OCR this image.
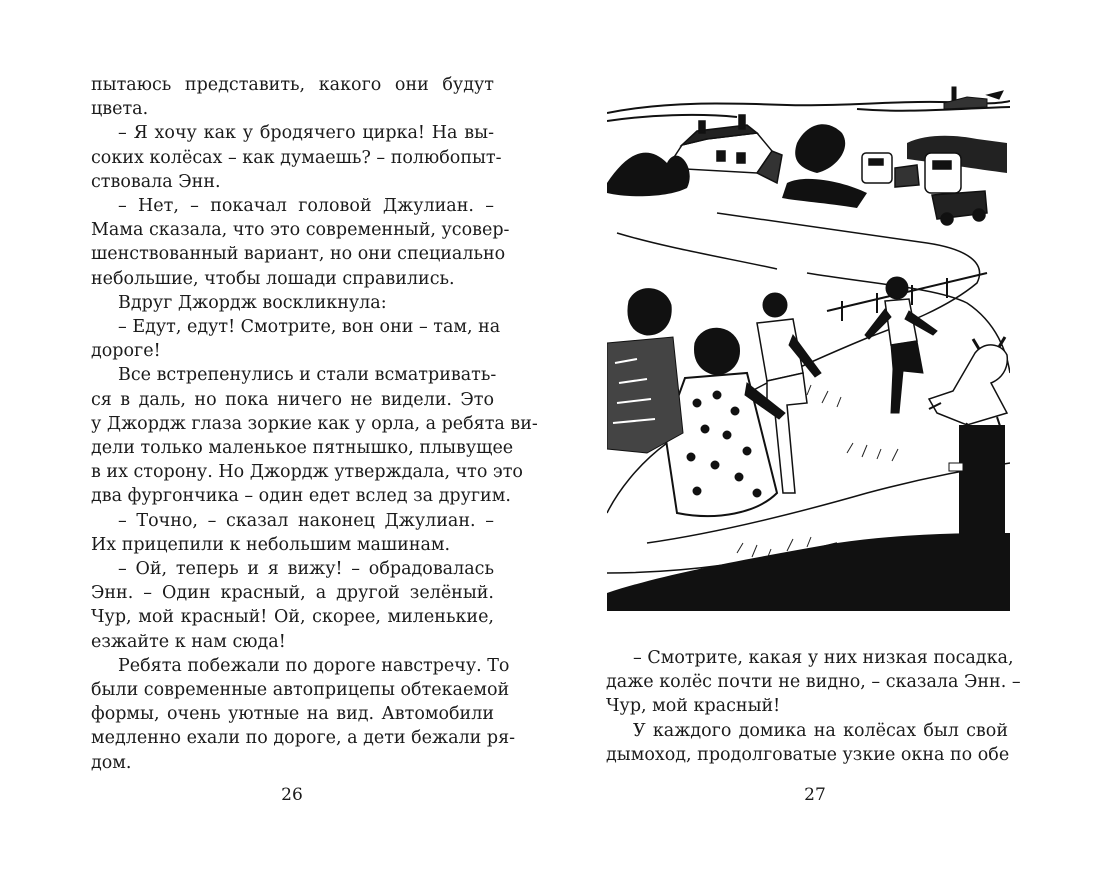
пытаюсь представить, какого они будут
цвета.
– Я хочу как у бродячего цирка! На вы-
соких колёсах – как думаешь? – полюбопыт-
ствовала Энн.
– Нет, – покачал головой Джулиан. –
Мама сказала, что это современный, усовер-
шенствованный вариант, но они специально
небольшие, чтобы лошади справились.
Вдруг Джордж воскликнула:
– Едут, едут! Смотрите, вон они – там, на
дороге!
Все встрепенулись и стали всматривать-
ся в даль, но пока ничего не видели. Это
у Джордж глаза зоркие как у орла, а ребята ви-
дели только маленькое пятнышко, плывущее
в их сторону. Но Джордж утверждала, что это
два фургончика – один едет вслед за другим.
– Точно, – сказал наконец Джулиан. –
Их прицепили к небольшим машинам.
– Ой, теперь и я вижу! – обрадовалась
Энн. – Один красный, а другой зелёный.
Чур, мой красный! Ой, скорее, миленькие,
езжайте к нам сюда!
Ребята побежали по дороге навстречу. То
были современные автоприцепы обтекаемой
формы, очень уютные на вид. Автомобили
медленно ехали по дороге, а дети бежали ря-
дом.
26
– Смотрите, какая у них низкая посадка,
даже колёс почти не видно, – сказала Энн. –
Чур, мой красный!
У каждого домика на колёсах был свой
дымоход, продолговатые узкие окна по обе
27
